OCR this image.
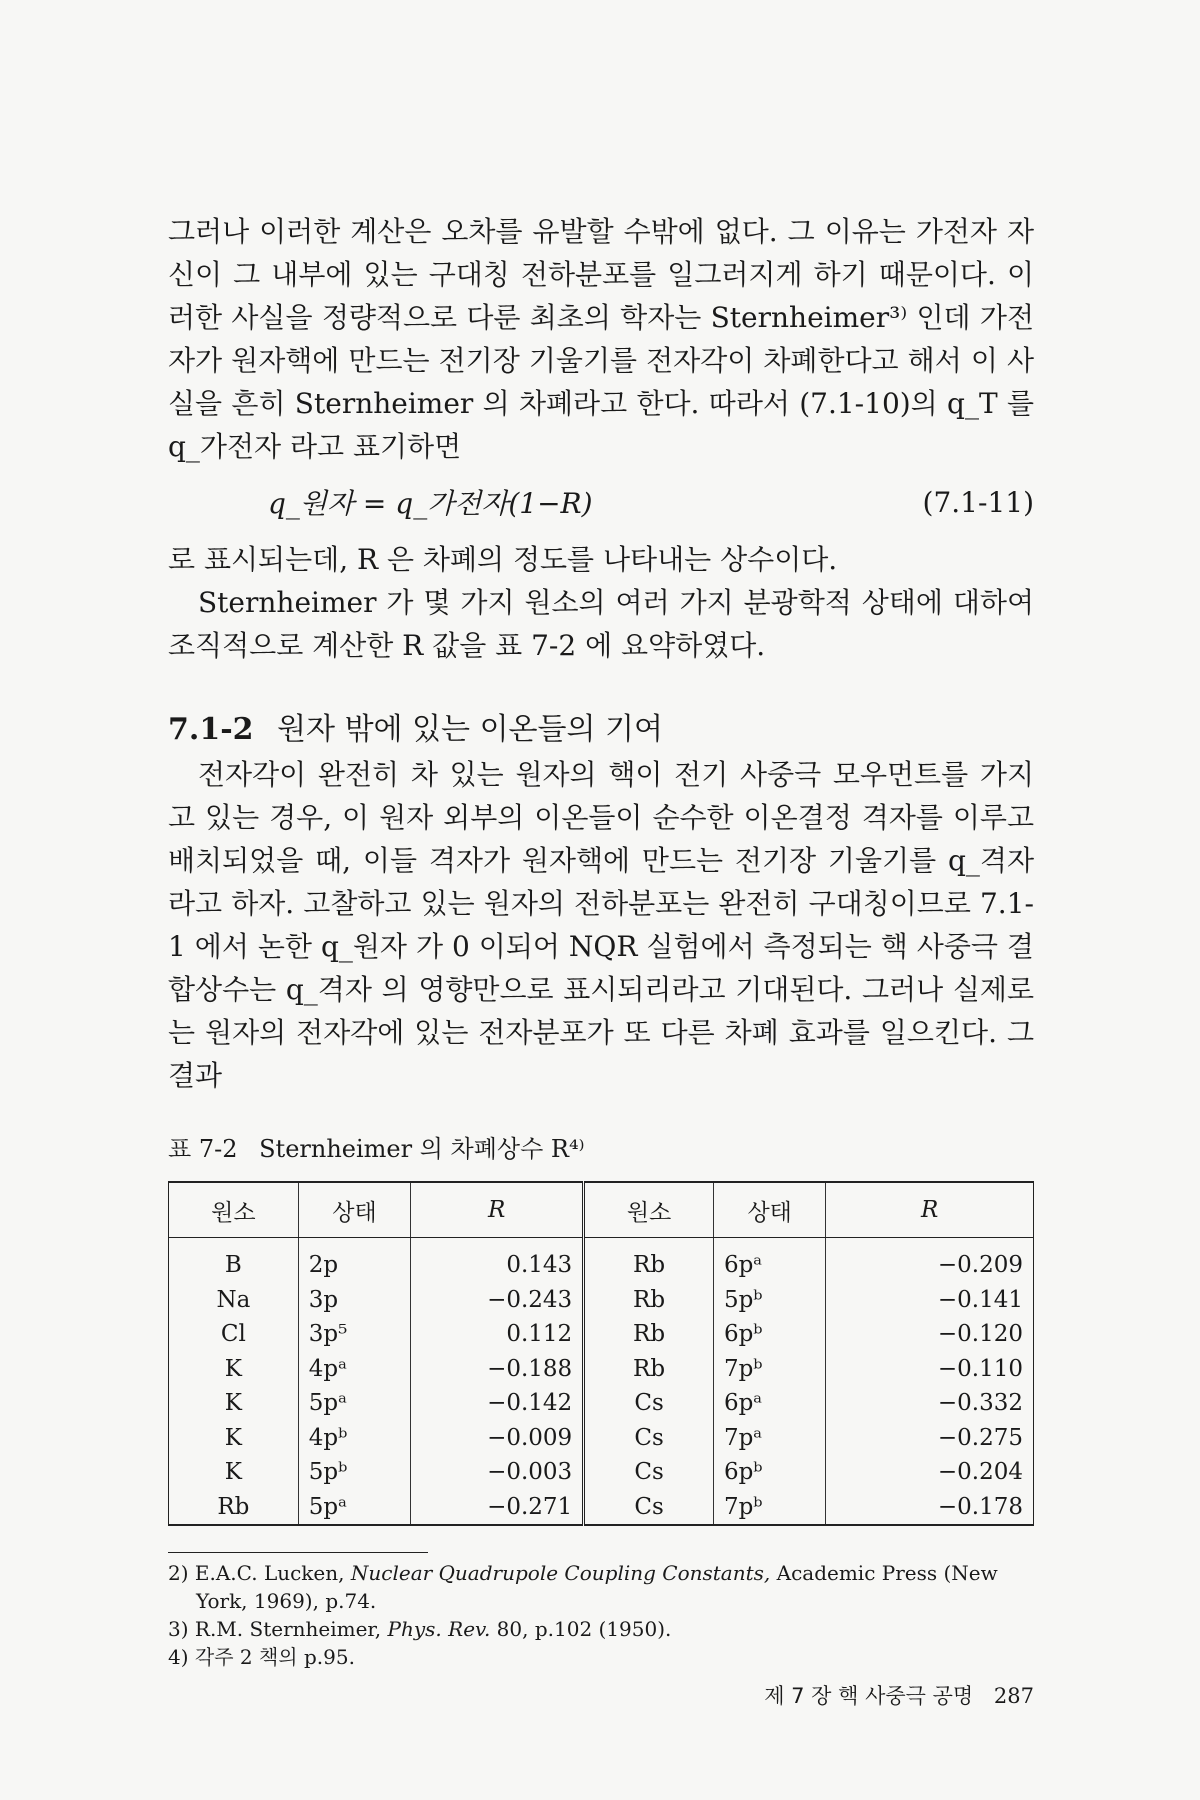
그러나 이러한 계산은 오차를 유발할 수밖에 없다. 그 이유는 가전자 자신이 그 내부에 있는 구대칭 전하분포를 일그러지게 하기 때문이다. 이러한 사실을 정량적으로 다룬 최초의 학자는 Sternheimer³⁾ 인데 가전자가 원자핵에 만드는 전기장 기울기를 전자각이 차폐한다고 해서 이 사실을 흔히 Sternheimer 의 차폐라고 한다. 따라서 (7.1-10)의 q_T 를 q_가전자 라고 표기하면

q_원자 = q_가전자(1−R)	(7.1-11)

로 표시되는데, R 은 차폐의 정도를 나타내는 상수이다.

Sternheimer 가 몇 가지 원소의 여러 가지 분광학적 상태에 대하여 조직적으로 계산한 R 값을 표 7-2 에 요약하였다.

7.1-2 원자 밖에 있는 이온들의 기여

전자각이 완전히 차 있는 원자의 핵이 전기 사중극 모우먼트를 가지고 있는 경우, 이 원자 외부의 이온들이 순수한 이온결정 격자를 이루고 배치되었을 때, 이들 격자가 원자핵에 만드는 전기장 기울기를 q_격자 라고 하자. 고찰하고 있는 원자의 전하분포는 완전히 구대칭이므로 7.1-1 에서 논한 q_원자 가 0 이되어 NQR 실험에서 측정되는 핵 사중극 결합상수는 q_격자 의 영향만으로 표시되리라고 기대된다. 그러나 실제로는 원자의 전자각에 있는 전자분포가 또 다른 차폐 효과를 일으킨다. 그 결과

표 7-2 Sternheimer 의 차폐상수 R⁴⁾
원소	상태	R	원소	상태	R
B	2p	0.143	Rb	6pᵃ	−0.209
Na	3p	−0.243	Rb	5pᵇ	−0.141
Cl	3p⁵	0.112	Rb	6pᵇ	−0.120
K	4pᵃ	−0.188	Rb	7pᵇ	−0.110
K	5pᵃ	−0.142	Cs	6pᵃ	−0.332
K	4pᵇ	−0.009	Cs	7pᵃ	−0.275
K	5pᵇ	−0.003	Cs	6pᵇ	−0.204
Rb	5pᵃ	−0.271	Cs	7pᵇ	−0.178
2) E.A.C. Lucken, Nuclear Quadrupole Coupling Constants, Academic Press (New York, 1969), p.74.
3) R.M. Sternheimer, Phys. Rev. 80, p.102 (1950).
4) 각주 2 책의 p.95.
제 7 장 핵 사중극 공명 287
